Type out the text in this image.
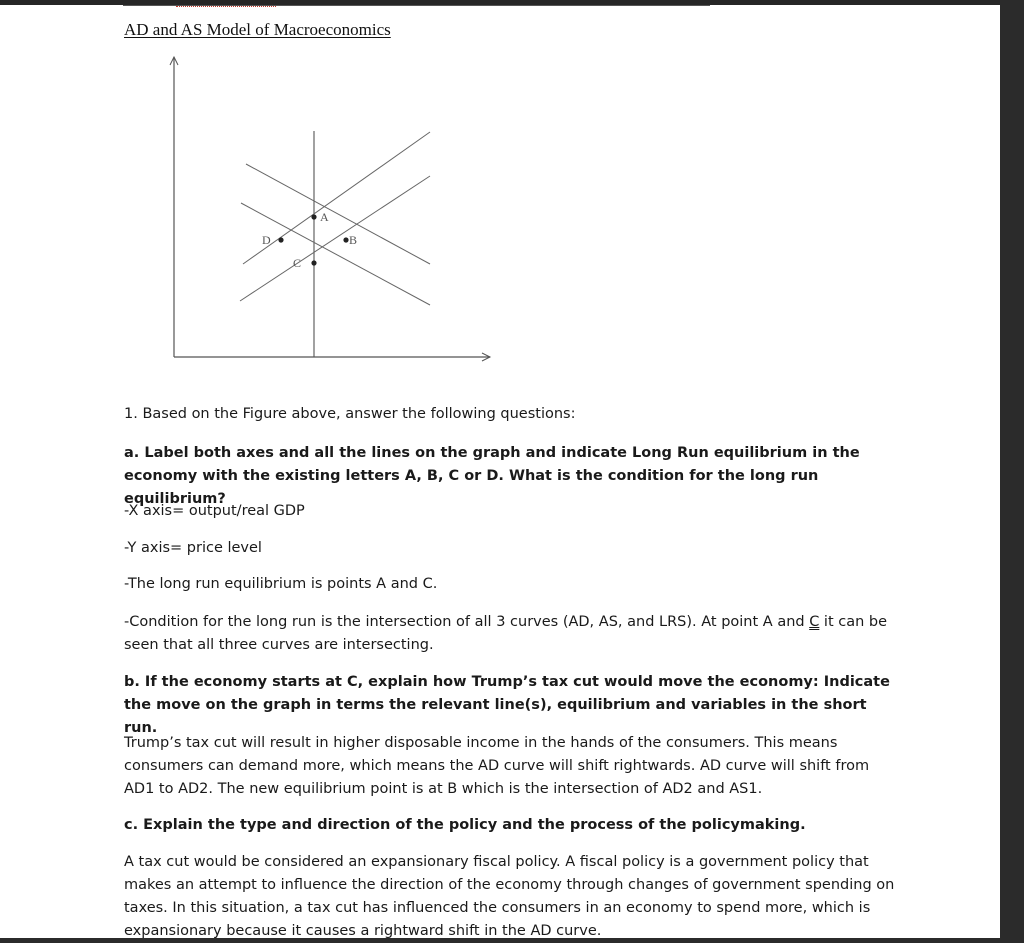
AD and AS Model of Macroeconomics
A
B
C
D
1. Based on the Figure above, answer the following questions:
a. Label both axes and all the lines on the graph and indicate Long Run equilibrium in the economy with the existing letters A, B, C or D. What is the condition for the long run equilibrium?
-X axis= output/real GDP
-Y axis= price level
-The long run equilibrium is points A and C.
-Condition for the long run is the intersection of all 3 curves (AD, AS, and LRS). At point A and C it can be seen that all three curves are intersecting.
b. If the economy starts at C, explain how Trump’s tax cut would move the economy: Indicate the move on the graph in terms the relevant line(s), equilibrium and variables in the short run.
Trump’s tax cut will result in higher disposable income in the hands of the consumers. This means consumers can demand more, which means the AD curve will shift rightwards. AD curve will shift from AD1 to AD2. The new equilibrium point is at B which is the intersection of AD2 and AS1.
c. Explain the type and direction of the policy and the process of the policymaking.
A tax cut would be considered an expansionary fiscal policy. A fiscal policy is a government policy that makes an attempt to influence the direction of the economy through changes of government spending on taxes. In this situation, a tax cut has influenced the consumers in an economy to spend more, which is expansionary because it causes a rightward shift in the AD curve.
